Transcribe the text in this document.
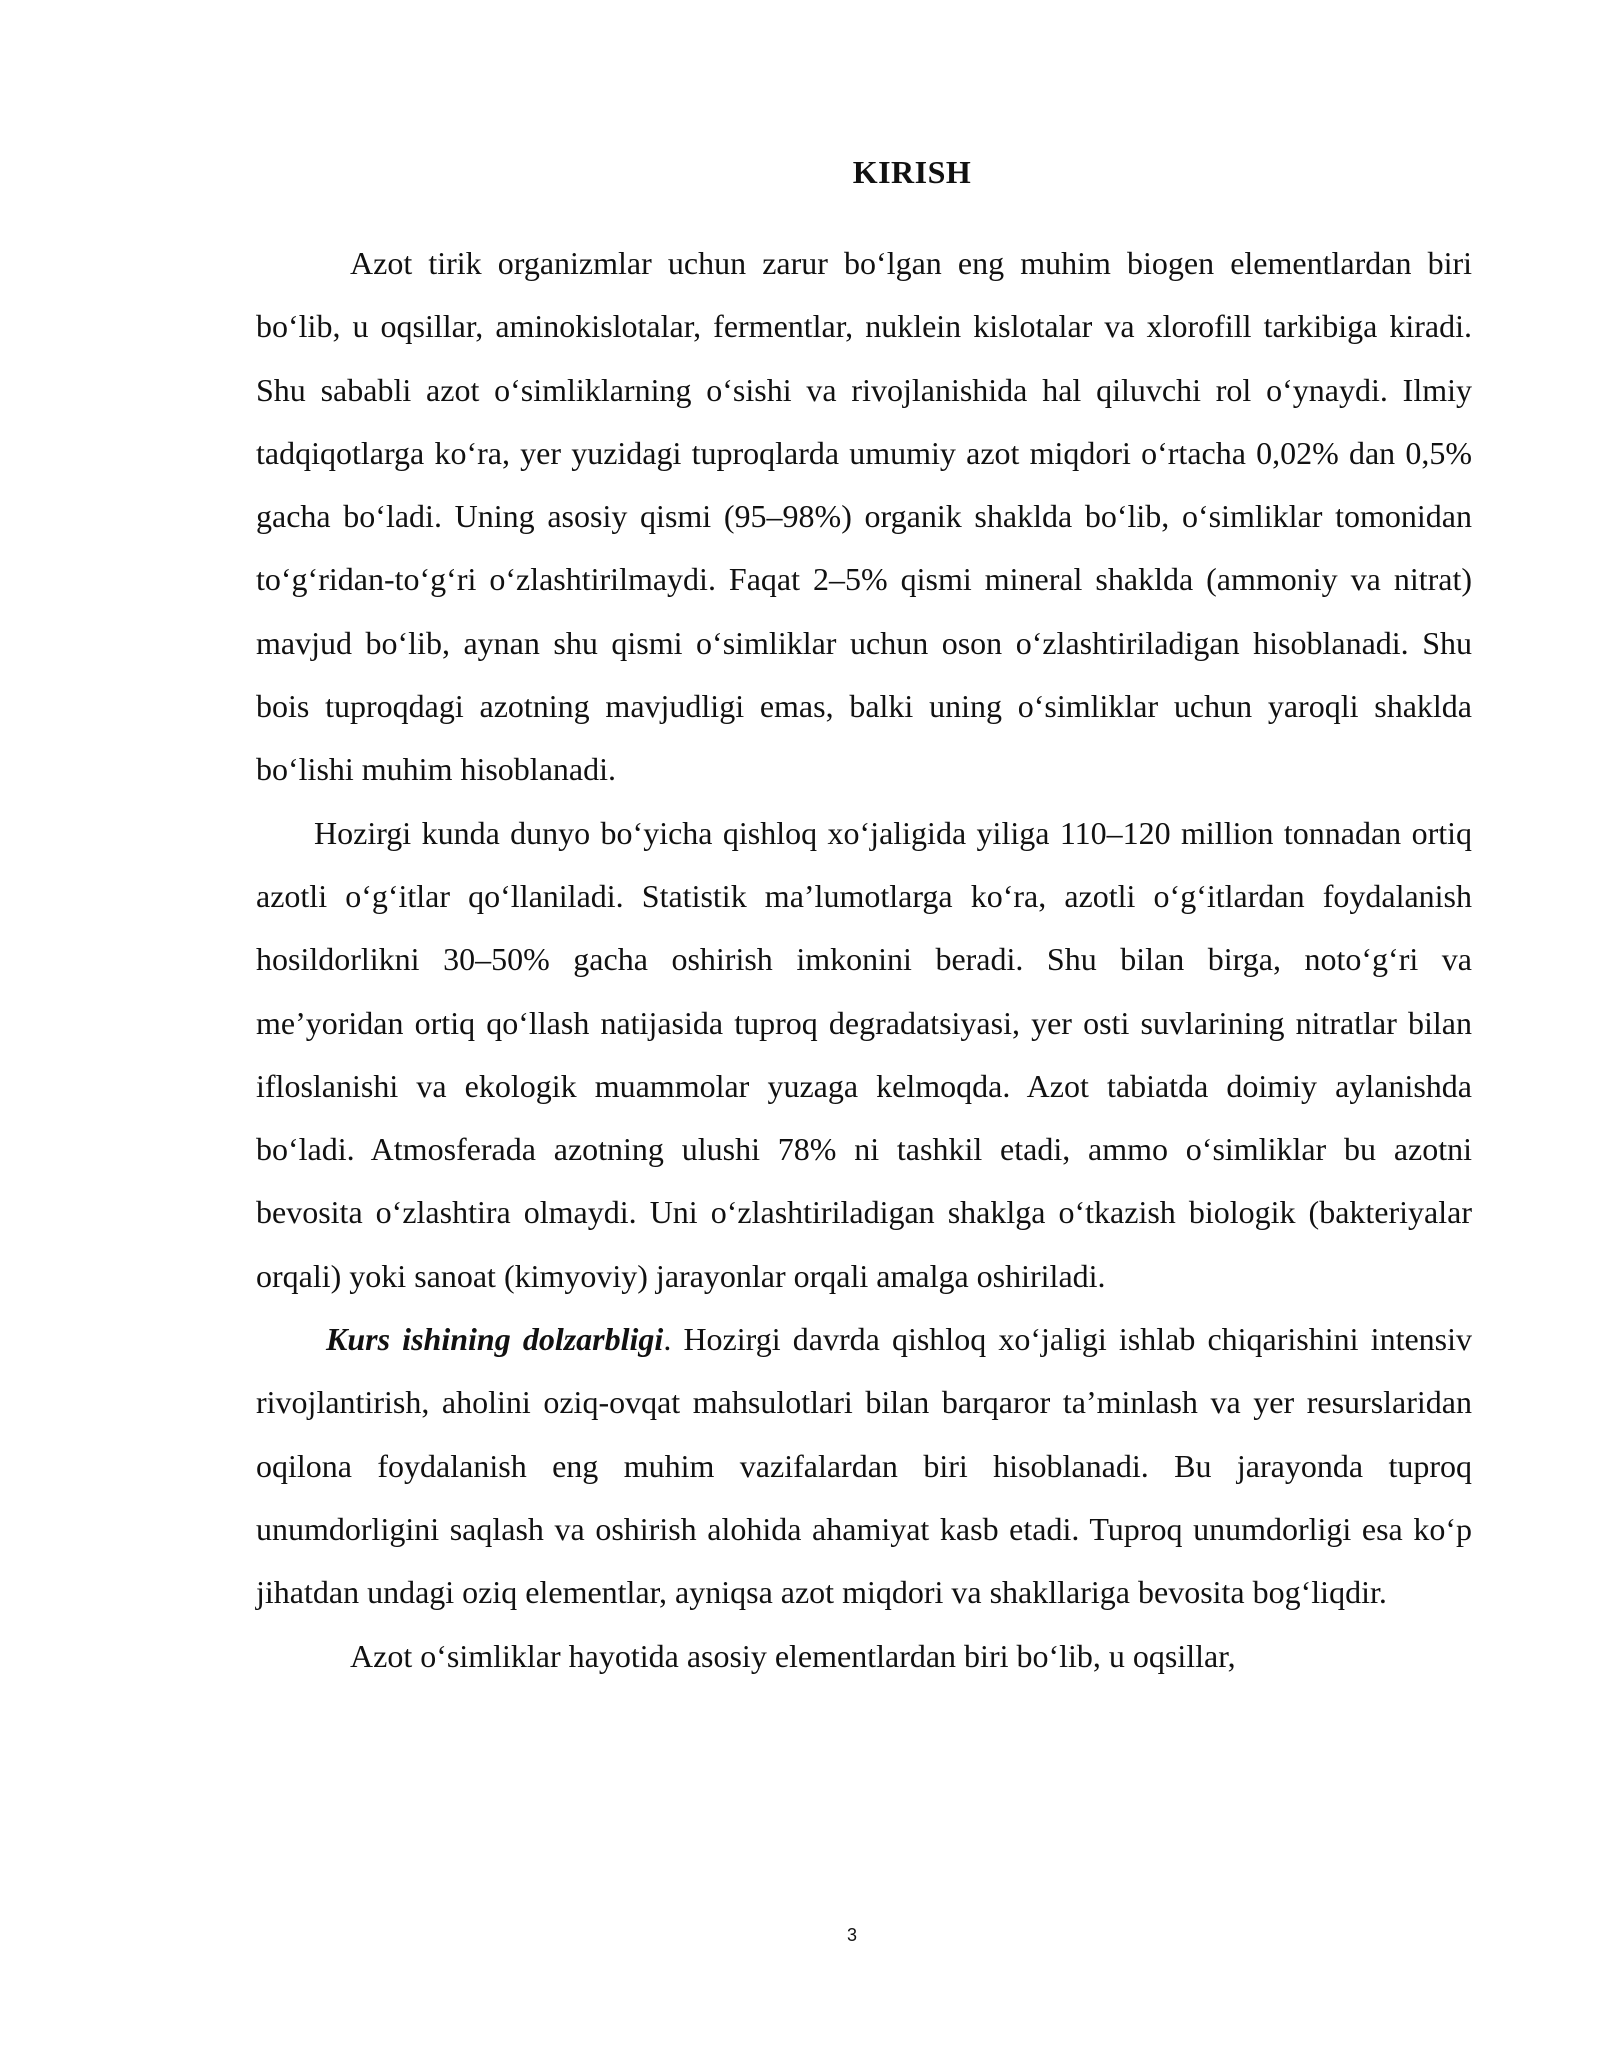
KIRISH

Azot tirik organizmlar uchun zarur bo‘lgan eng muhim biogen elementlardan biri bo‘lib, u oqsillar, aminokislotalar, fermentlar, nuklein kislotalar va xlorofill tarkibiga kiradi. Shu sababli azot o‘simliklarning o‘sishi va rivojlanishida hal qiluvchi rol o‘ynaydi. Ilmiy tadqiqotlarga ko‘ra, yer yuzidagi tuproqlarda umumiy azot miqdori o‘rtacha 0,02% dan 0,5% gacha bo‘ladi. Uning asosiy qismi (95–98%) organik shaklda bo‘lib, o‘simliklar tomonidan to‘g‘ridan-to‘g‘ri o‘zlashtirilmaydi. Faqat 2–5% qismi mineral shaklda (ammoniy va nitrat) mavjud bo‘lib, aynan shu qismi o‘simliklar uchun oson o‘zlashtiriladigan hisoblanadi. Shu bois tuproqdagi azotning mavjudligi emas, balki uning o‘simliklar uchun yaroqli shaklda bo‘lishi muhim hisoblanadi.

Hozirgi kunda dunyo bo‘yicha qishloq xo‘jaligida yiliga 110–120 million tonnadan ortiq azotli o‘g‘itlar qo‘llaniladi. Statistik ma’lumotlarga ko‘ra, azotli o‘g‘itlardan foydalanish hosildorlikni 30–50% gacha oshirish imkonini beradi. Shu bilan birga, noto‘g‘ri va me’yoridan ortiq qo‘llash natijasida tuproq degradatsiyasi, yer osti suvlarining nitratlar bilan ifloslanishi va ekologik muammolar yuzaga kelmoqda. Azot tabiatda doimiy aylanishda bo‘ladi. Atmosferada azotning ulushi 78% ni tashkil etadi, ammo o‘simliklar bu azotni bevosita o‘zlashtira olmaydi. Uni o‘zlashtiriladigan shaklga o‘tkazish biologik (bakteriyalar orqali) yoki sanoat (kimyoviy) jarayonlar orqali amalga oshiriladi.

Kurs ishining dolzarbligi. Hozirgi davrda qishloq xo‘jaligi ishlab chiqarishini intensiv rivojlantirish, aholini oziq-ovqat mahsulotlari bilan barqaror ta’minlash va yer resurslaridan oqilona foydalanish eng muhim vazifalardan biri hisoblanadi. Bu jarayonda tuproq unumdorligini saqlash va oshirish alohida ahamiyat kasb etadi. Tuproq unumdorligi esa ko‘p jihatdan undagi oziq elementlar, ayniqsa azot miqdori va shakllariga bevosita bog‘liqdir.

Azot o‘simliklar hayotida asosiy elementlardan biri bo‘lib, u oqsillar,

3
